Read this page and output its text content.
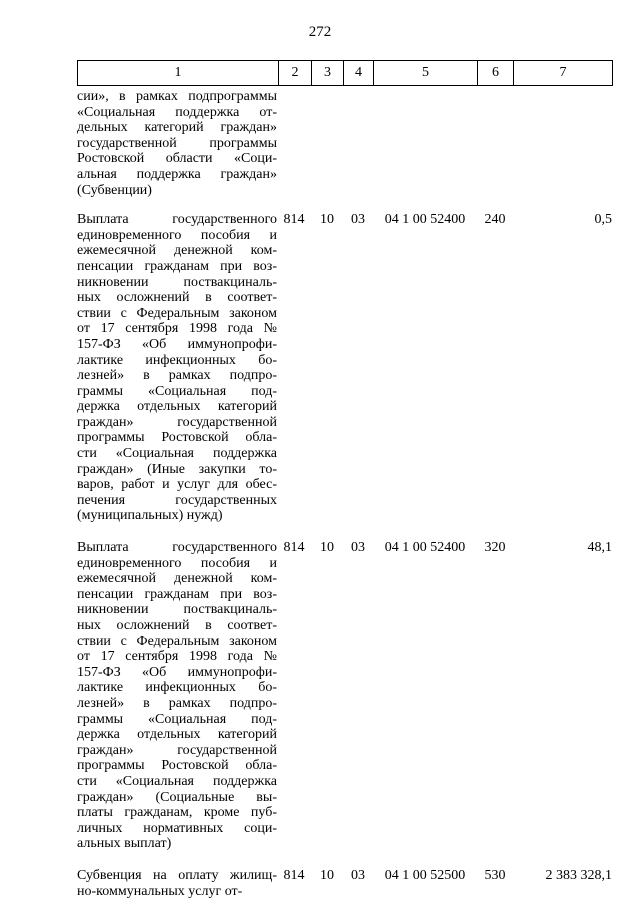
272
1	2	3	4	5	6	7
сии», в рамках подпрограммы
«Социальная поддержка от-
дельных категорий граждан»
государственной программы
Ростовской области «Соци-
альная поддержка граждан»
(Субвенции)
Выплата государственного
единовременного пособия и
ежемесячной денежной ком-
пенсации гражданам при воз-
никновении поствакциналь-
ных осложнений в соответ-
ствии с Федеральным законом
от 17 сентября 1998 года №
157-ФЗ «Об иммунопрофи-
лактике инфекционных бо-
лезней» в рамках подпро-
граммы «Социальная под-
держка отдельных категорий
граждан» государственной
программы Ростовской обла-
сти «Социальная поддержка
граждан» (Иные закупки то-
варов, работ и услуг для обес-
печения государственных
(муниципальных) нужд)
814	10	03	04 1 00 52400	240	0,5
Выплата государственного
единовременного пособия и
ежемесячной денежной ком-
пенсации гражданам при воз-
никновении поствакциналь-
ных осложнений в соответ-
ствии с Федеральным законом
от 17 сентября 1998 года №
157-ФЗ «Об иммунопрофи-
лактике инфекционных бо-
лезней» в рамках подпро-
граммы «Социальная под-
держка отдельных категорий
граждан» государственной
программы Ростовской обла-
сти «Социальная поддержка
граждан» (Социальные вы-
платы гражданам, кроме пуб-
личных нормативных соци-
альных выплат)
814	10	03	04 1 00 52400	320	48,1
Субвенция на оплату жилищ-
но-коммунальных услуг от-
814	10	03	04 1 00 52500	530	2 383 328,1
